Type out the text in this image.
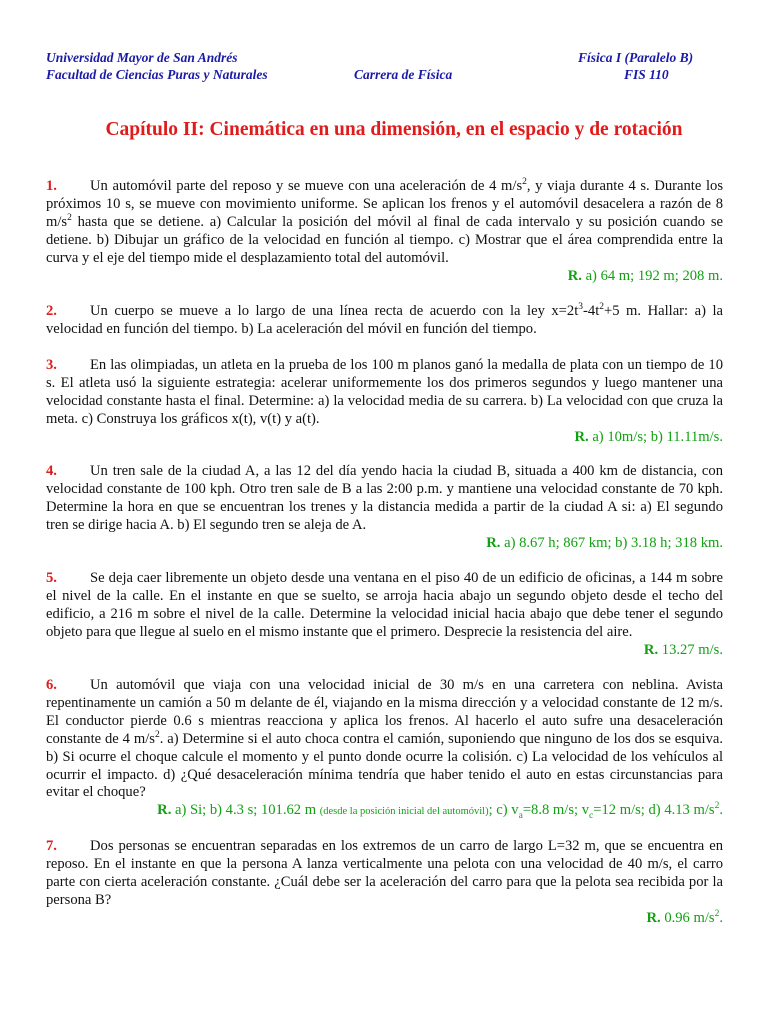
Universidad Mayor de San Andrés
Facultad de Ciencias Puras y Naturales	Carrera de Física
Física I (Paralelo B)
FIS 110
Capítulo II: Cinemática en una dimensión, en el espacio y de rotación
1. Un automóvil parte del reposo y se mueve con una aceleración de 4 $m/s^2$, y viaja durante 4 s. Durante los próximos 10 s, se mueve con movimiento uniforme. Se aplican los frenos y el automóvil desacelera a razón de 8 $m/s^2$ hasta que se detiene. a) Calcular la posición del móvil al final de cada intervalo y su posición cuando se detiene. b) Dibujar un gráfico de la velocidad en función al tiempo. c) Mostrar que el área comprendida entre la curva y el eje del tiempo mide el desplazamiento total del automóvil.
R. a) 64 m; 192 m; 208 m.
2. Un cuerpo se mueve a lo largo de una línea recta de acuerdo con la ley $x=2t^3-4t^2+5$ m. Hallar: a) la velocidad en función del tiempo. b) La aceleración del móvil en función del tiempo.
3. En las olimpiadas, un atleta en la prueba de los 100 m planos ganó la medalla de plata con un tiempo de 10 s. El atleta usó la siguiente estrategia: acelerar uniformemente los dos primeros segundos y luego mantener una velocidad constante hasta el final. Determine: a) la velocidad media de su carrera. b) La velocidad con que cruza la meta. c) Construya los gráficos x(t), v(t) y a(t).
R. a) 10m/s; b) 11.11m/s.
4. Un tren sale de la ciudad A, a las 12 del día yendo hacia la ciudad B, situada a 400 km de distancia, con velocidad constante de 100 kph. Otro tren sale de B a las 2:00 p.m. y mantiene una velocidad constante de 70 kph. Determine la hora en que se encuentran los trenes y la distancia medida a partir de la ciudad A si: a) El segundo tren se dirige hacia A. b) El segundo tren se aleja de A.
R. a) 8.67 h; 867 km; b) 3.18 h; 318 km.
5. Se deja caer libremente un objeto desde una ventana en el piso 40 de un edificio de oficinas, a 144 m sobre el nivel de la calle. En el instante en que se suelto, se arroja hacia abajo un segundo objeto desde el techo del edificio, a 216 m sobre el nivel de la calle. Determine la velocidad inicial hacia abajo que debe tener el segundo objeto para que llegue al suelo en el mismo instante que el primero. Desprecie la resistencia del aire.
R. 13.27 m/s.
6. Un automóvil que viaja con una velocidad inicial de 30 m/s en una carretera con neblina. Avista repentinamente un camión a 50 m delante de él, viajando en la misma dirección y a velocidad constante de 12 m/s. El conductor pierde 0.6 s mientras reacciona y aplica los frenos. Al hacerlo el auto sufre una desaceleración constante de 4 $m/s^2$. a) Determine si el auto choca contra el camión, suponiendo que ninguno de los dos se esquiva. b) Si ocurre el choque calcule el momento y el punto donde ocurre la colisión. c) La velocidad de los vehículos al ocurrir el impacto. d) ¿Qué desaceleración mínima tendría que haber tenido el auto en estas circunstancias para evitar el choque?
R. a) Si; b) 4.3 s; 101.62 m (desde la posición inicial del automóvil); c) $v_a=8.8$ m/s; $v_c=12$ m/s; d) 4.13 $m/s^2$.
7. Dos personas se encuentran separadas en los extremos de un carro de largo L=32 m, que se encuentra en reposo. En el instante en que la persona A lanza verticalmente una pelota con una velocidad de 40 m/s, el carro parte con cierta aceleración constante. ¿Cuál debe ser la aceleración del carro para que la pelota sea recibida por la persona B?
R. 0.96 $m/s^2$.
